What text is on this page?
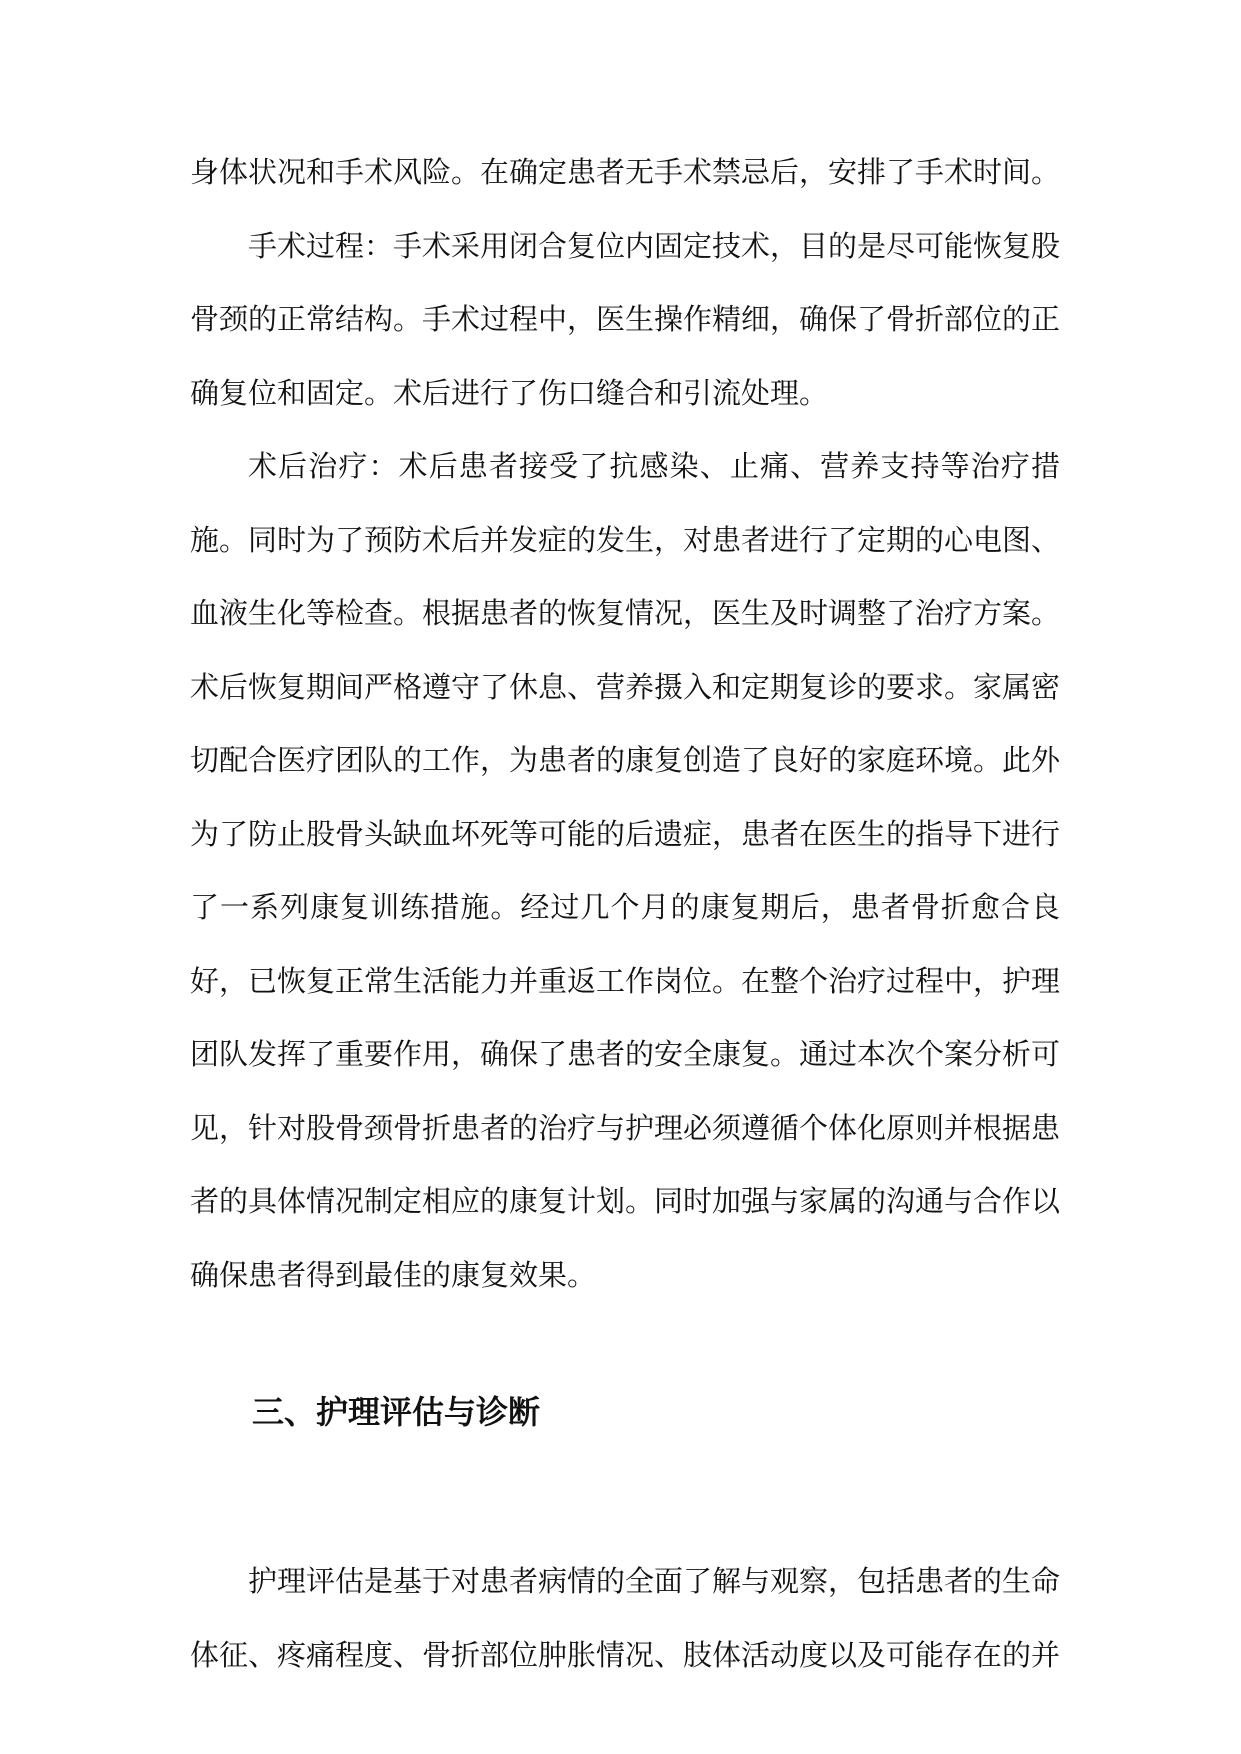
身体状况和手术风险。在确定患者无手术禁忌后，安排了手术时间。

手术过程：手术采用闭合复位内固定技术，目的是尽可能恢复股骨颈的正常结构。手术过程中，医生操作精细，确保了骨折部位的正确复位和固定。术后进行了伤口缝合和引流处理。

术后治疗：术后患者接受了抗感染、止痛、营养支持等治疗措施。同时为了预防术后并发症的发生，对患者进行了定期的心电图、血液生化等检查。根据患者的恢复情况，医生及时调整了治疗方案。术后恢复期间严格遵守了休息、营养摄入和定期复诊的要求。家属密切配合医疗团队的工作，为患者的康复创造了良好的家庭环境。此外为了防止股骨头缺血坏死等可能的后遗症，患者在医生的指导下进行了一系列康复训练措施。经过几个月的康复期后，患者骨折愈合良好，已恢复正常生活能力并重返工作岗位。在整个治疗过程中，护理团队发挥了重要作用，确保了患者的安全康复。通过本次个案分析可见，针对股骨颈骨折患者的治疗与护理必须遵循个体化原则并根据患者的具体情况制定相应的康复计划。同时加强与家属的沟通与合作以确保患者得到最佳的康复效果。

三、护理评估与诊断

护理评估是基于对患者病情的全面了解与观察，包括患者的生命体征、疼痛程度、骨折部位肿胀情况、肢体活动度以及可能存在的并
